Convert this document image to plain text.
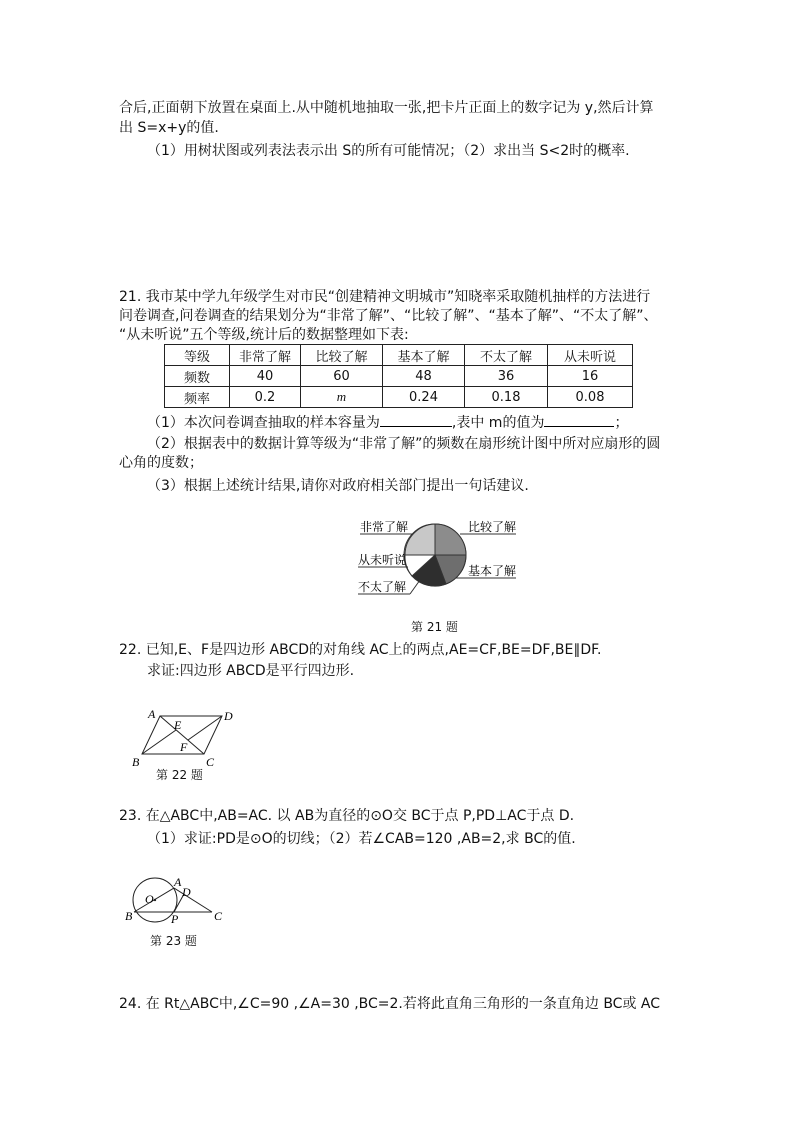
合后,正面朝下放置在桌面上.从中随机地抽取一张,把卡片正面上的数字记为 y,然后计算
出 S=x+y的值.
（1）用树状图或列表法表示出 S的所有可能情况；（2）求出当 S<2时的概率.
21. 我市某中学九年级学生对市民“创建精神文明城市”知晓率采取随机抽样的方法进行
问卷调查,问卷调查的结果划分为“非常了解”、“比较了解”、“基本了解”、“不太了解”、
“从未听说”五个等级,统计后的数据整理如下表:
等级	非常了解	比较了解	基本了解	不太了解	从未听说
频数	40	60	48	36	16
频率	0.2	m	0.24	0.18	0.08
（1）本次问卷调查抽取的样本容量为	,表中 m的值为	；
（2）根据表中的数据计算等级为“非常了解”的频数在扇形统计图中所对应扇形的圆
心角的度数；
（3）根据上述统计结果,请你对政府相关部门提出一句话建议.
非常了解	比较了解
从未听说
基本了解
不太了解
第 21 题
22. 已知,E、F是四边形 ABCD的对角线 AC上的两点,AE=CF,BE=DF,BE∥DF.
求证:四边形 ABCD是平行四边形.
A	D
B	C
E
F
第 22 题
23. 在△ABC中,AB=AC. 以 AB为直径的⊙O交 BC于点 P,PD⊥AC于点 D.
（1）求证:PD是⊙O的切线；（2）若∠CAB=120 ,AB=2,求 BC的值.
A
D
O
B	P	C
第 23 题
24. 在 Rt△ABC中,∠C=90 ,∠A=30 ,BC=2.若将此直角三角形的一条直角边 BC或 AC
